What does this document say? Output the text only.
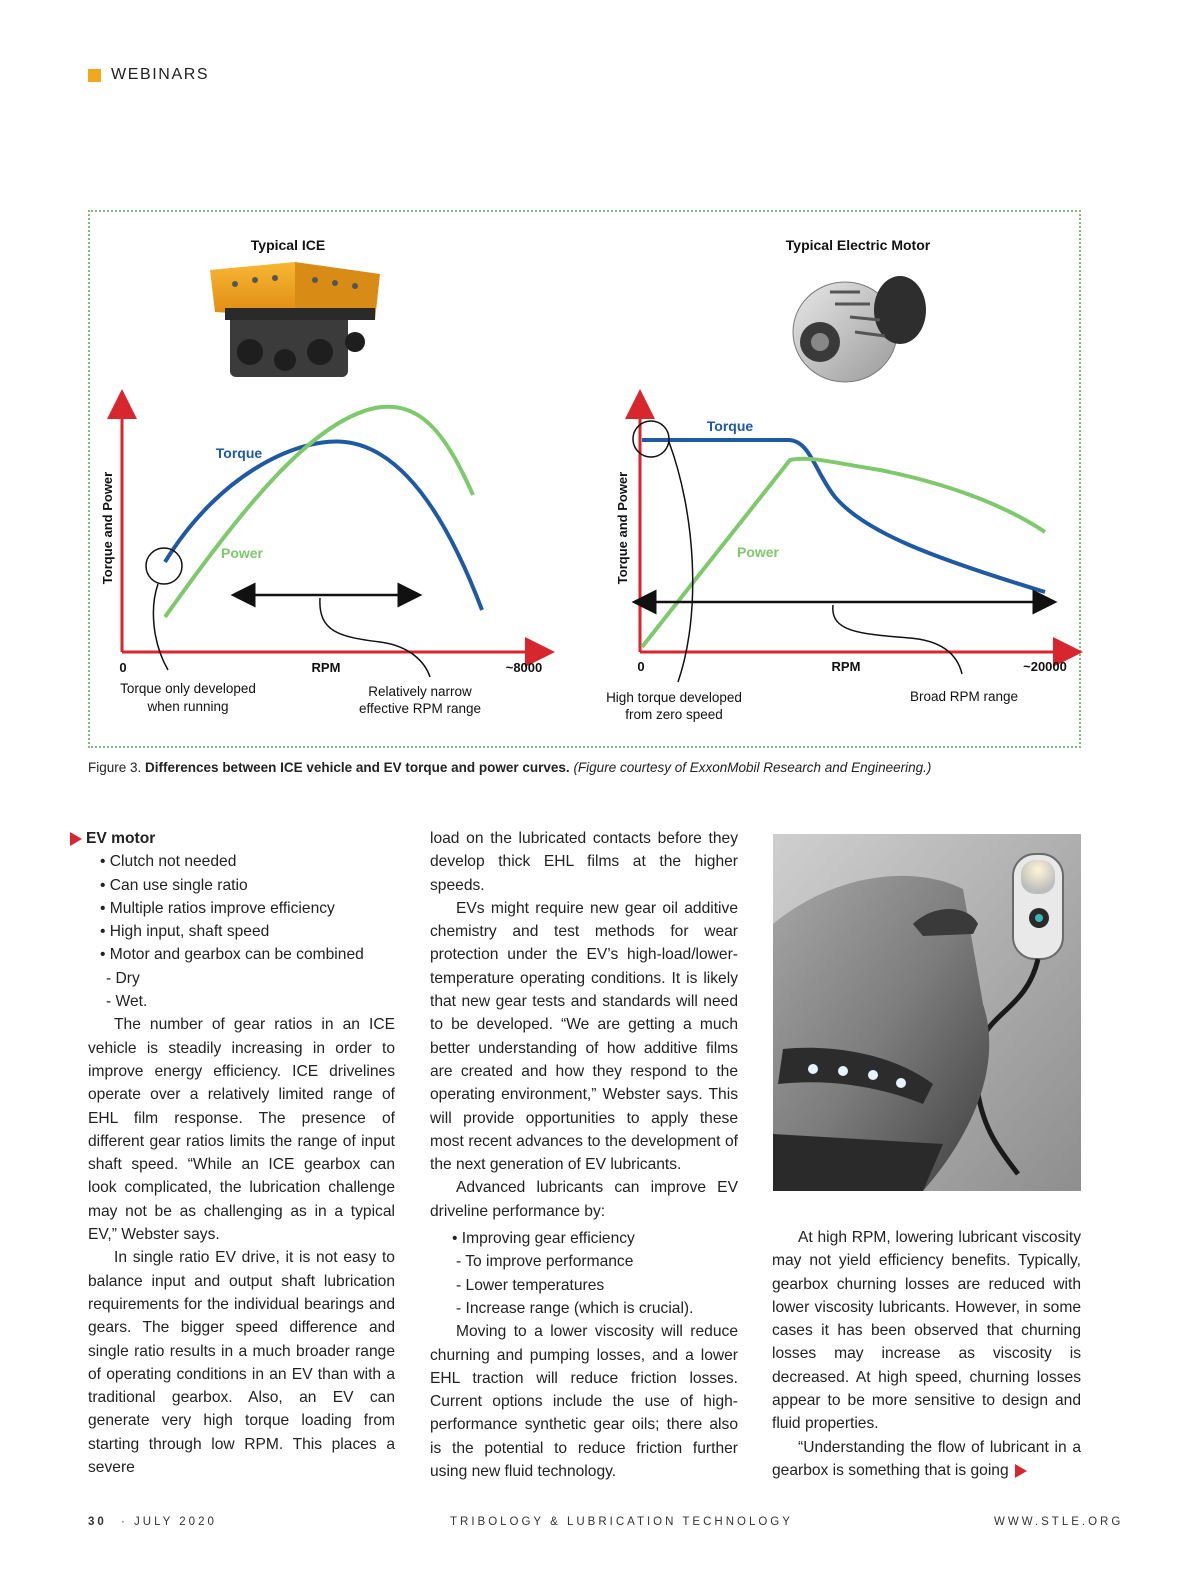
WEBINARS
Typical ICE	Typical Electric Motor
Torque and Power
Torque
Power
0	RPM	~8000
Torque only developed
when running
Relatively narrow
effective RPM range
Torque and Power
Torque
Power
0	RPM	~20000
High torque developed
from zero speed
Broad RPM range
Figure 3. Differences between ICE vehicle and EV torque and power curves. (Figure courtesy of ExxonMobil Research and Engineering.)
EV motor
• Clutch not needed
• Can use single ratio
• Multiple ratios improve efficiency
• High input, shaft speed
• Motor and gearbox can be combined
- Dry
- Wet.

The number of gear ratios in an ICE vehicle is steadily increasing in order to improve energy efficiency. ICE drivelines operate over a relatively limited range of EHL film response. The presence of different gear ratios limits the range of input shaft speed. “While an ICE gearbox can look complicated, the lubrication challenge may not be as challenging as in a typical EV,” Webster says.

In single ratio EV drive, it is not easy to balance input and output shaft lubrication requirements for the individual bearings and gears. The bigger speed difference and single ratio results in a much broader range of operating conditions in an EV than with a traditional gearbox. Also, an EV can generate very high torque loading from starting through low RPM. This places a severe

load on the lubricated contacts before they develop thick EHL films at the higher speeds.

EVs might require new gear oil additive chemistry and test methods for wear protection under the EV’s high-load/lower-temperature operating conditions. It is likely that new gear tests and standards will need to be developed. “We are getting a much better understanding of how additive films are created and how they respond to the operating environment,” Webster says. This will provide opportunities to apply these most recent advances to the development of the next generation of EV lubricants.

Advanced lubricants can improve EV driveline performance by:

• Improving gear efficiency
- To improve performance
- Lower temperatures
- Increase range (which is crucial).

Moving to a lower viscosity will reduce churning and pumping losses, and a lower EHL traction will reduce friction losses. Current options include the use of high-performance synthetic gear oils; there also is the potential to reduce friction further using new fluid technology.

At high RPM, lowering lubricant viscosity may not yield efficiency benefits. Typically, gearbox churning losses are reduced with lower viscosity lubricants. However, in some cases it has been observed that churning losses may increase as viscosity is decreased. At high speed, churning losses appear to be more sensitive to design and fluid properties.

“Understanding the flow of lubricant in a gearbox is something that is going

30 · JULY 2020	TRIBOLOGY & LUBRICATION TECHNOLOGY	WWW.STLE.ORG
